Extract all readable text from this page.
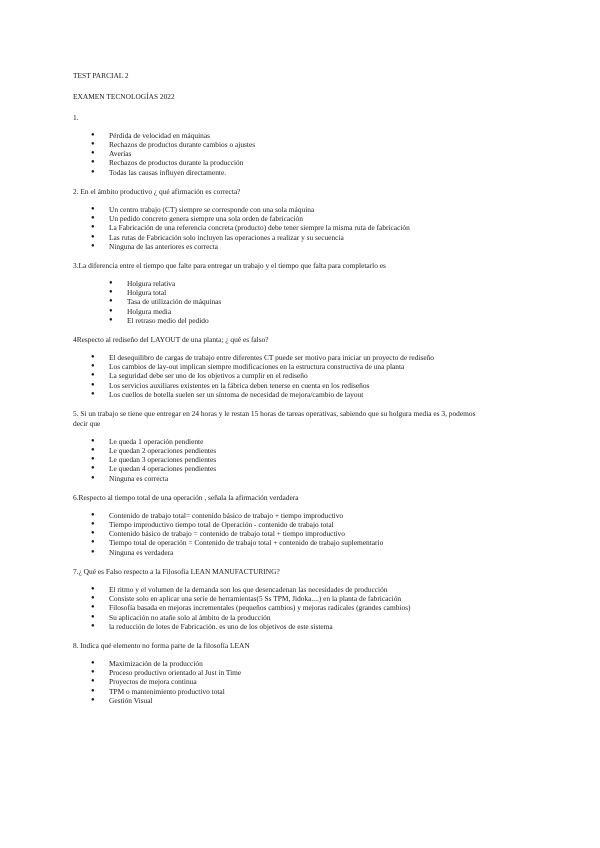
TEST PARCIAL 2

EXAMEN TECNOLOGÍAS 2022

1.

● Pérdida de velocidad en máquinas
● Rechazos de productos durante cambios o ajustes
● Averías
● Rechazos de productos durante la producción
● Todas las causas influyen directamente.

2. En el ámbito productivo ¿ qué afirmación es correcta?

● Un centro trabajo (CT) siempre se corresponde con una sola máquina
● Un pedido concreto genera siempre una sola orden de fabricación
● La Fabricación de una referencia concreta (producto) debe tener siempre la misma ruta de fabricación
● Las rutas de Fabricación solo incluyen las operaciones a realizar y su secuencia
● Ninguna de las anteriores es correcta

3.La diferencia entre el tiempo que falte para entregar un trabajo y el tiempo que falta para completarlo es

● Holgura relativa
● Holgura total
● Tasa de utilización de máquinas
● Holgura media
● El retraso medio del pedido

4Respecto al rediseño del LAYOUT de una planta; ¿ qué es falso?

● El desequilibro de cargas de trabajo entre diferentes CT puede ser motivo para iniciar un proyecto de rediseño
● Los cambios de lay-out implican siempre modificaciones en la estructura constructiva de una planta
● La seguridad debe ser uno de los objetivos a cumplir en el rediseño
● Los servicios auxiliares existentes en la fábrica deben tenerse en cuenta en los rediseños
● Los cuellos de botella suelen ser un síntoma de necesidad de mejora/cambio de layout

5. Si un trabajo se tiene que entregar en 24 horas y le restan 15 horas de tareas operativas, sabiendo que su holgura media es 3, podemos
decir que

● Le queda 1 operación pendiente
● Le quedan 2 operaciones pendientes
● Le quedan 3 operaciones pendientes
● Le quedan 4 operaciones pendientes
● Ninguna es correcta

6.Respecto al tiempo total de una operación , señala la afirmación verdadera

● Contenido de trabajo total= contenido básico de trabajo + tiempo improductivo
● Tiempo improductivo tiempo total de Operación - contenido de trabajo total
● Contenido básico de trabajo = contenido de trabajo total + tiempo improductivo
● Tiempo total de operación = Contenido de trabajo total + contenido de trabajo suplementario
● Ninguna es verdadera

7.¿ Qué es Falso respecto a la Filosofía LEAN MANUFACTURING?

● El ritmo y el volumen de la demanda son los que desencadenan las necesidades de producción
● Consiste solo en aplicar una serie de herramientas(5 Ss TPM, Jidoka....) en la planta de fabricación
● Filosofía basada en mejoras incrementales (pequeños cambios) y mejoras radicales (grandes cambios)
● Su aplicación no atañe solo al ámbito de la producción
● la reducción de lotes de Fabricación. es uno de los objetivos de este sistema

8. Indica qué elemento no forma parte de la filosofía LEAN

● Maximización de la producción
● Proceso productivo orientado al Just in Time
● Proyectos de mejora continua
● TPM o mantenimiento productivo total
● Gestión Visual
